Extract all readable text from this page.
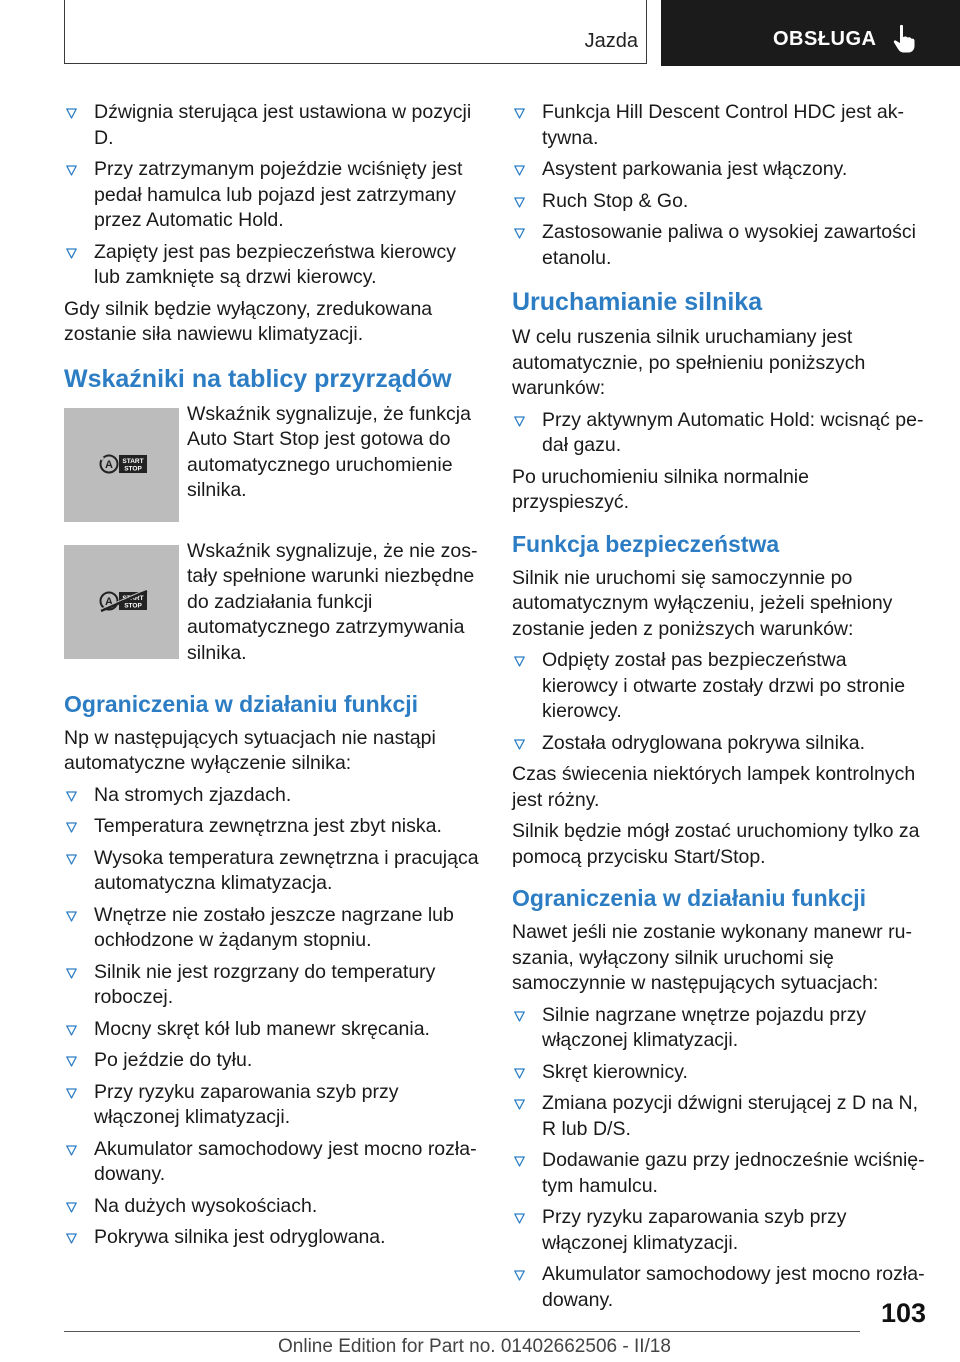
Jazda	OBSŁUGA
Dźwignia sterująca jest ustawiona w pozycji D.
Przy zatrzymanym pojeździe wciśnięty jest pedał hamulca lub pojazd jest zatrzymany przez Automatic Hold.
Zapięty jest pas bezpieczeństwa kierowcy lub zamknięte są drzwi kierowcy.
Gdy silnik będzie wyłączony, zredukowana zostanie siła nawiewu klimatyzacji.
Wskaźniki na tablicy przyrządów
A START
STOP
Wskaźnik sygnalizuje, że funkcja Auto Start Stop jest gotowa do automatycznego uruchomienie silnika.
A START
STOP
Wskaźnik sygnalizuje, że nie zostały spełnione warunki niezbędne do zadziałania funkcji automatycznego zatrzymywania silnika.
Ograniczenia w działaniu funkcji
Np w następujących sytuacjach nie nastąpi automatyczne wyłączenie silnika:
Na stromych zjazdach.
Temperatura zewnętrzna jest zbyt niska.
Wysoka temperatura zewnętrzna i pracująca automatyczna klimatyzacja.
Wnętrze nie zostało jeszcze nagrzane lub ochłodzone w żądanym stopniu.
Silnik nie jest rozgrzany do temperatury roboczej.
Mocny skręt kół lub manewr skręcania.
Po jeździe do tyłu.
Przy ryzyku zaparowania szyb przy włączonej klimatyzacji.
Akumulator samochodowy jest mocno rozładowany.
Na dużych wysokościach.
Pokrywa silnika jest odryglowana.
Funkcja Hill Descent Control HDC jest aktywna.
Asystent parkowania jest włączony.
Ruch Stop & Go.
Zastosowanie paliwa o wysokiej zawartości etanolu.
Uruchamianie silnika
W celu ruszenia silnik uruchamiany jest automatycznie, po spełnieniu poniższych warunków:
Przy aktywnym Automatic Hold: wcisnąć pedał gazu.
Po uruchomieniu silnika normalnie przyspieszyć.
Funkcja bezpieczeństwa
Silnik nie uruchomi się samoczynnie po automatycznym wyłączeniu, jeżeli spełniony zostanie jeden z poniższych warunków:
Odpięty został pas bezpieczeństwa kierowcy i otwarte zostały drzwi po stronie kierowcy.
Została odryglowana pokrywa silnika.
Czas świecenia niektórych lampek kontrolnych jest różny.
Silnik będzie mógł zostać uruchomiony tylko za pomocą przycisku Start/Stop.
Ograniczenia w działaniu funkcji
Nawet jeśli nie zostanie wykonany manewr ruszania, wyłączony silnik uruchomi się samoczynnie w następujących sytuacjach:
Silnie nagrzane wnętrze pojazdu przy włączonej klimatyzacji.
Skręt kierownicy.
Zmiana pozycji dźwigni sterującej z D na N, R lub D/S.
Dodawanie gazu przy jednocześnie wciśniętym hamulcu.
Przy ryzyku zaparowania szyb przy włączonej klimatyzacji.
Akumulator samochodowy jest mocno rozładowany.	103
Online Edition for Part no. 01402662506 - II/18
